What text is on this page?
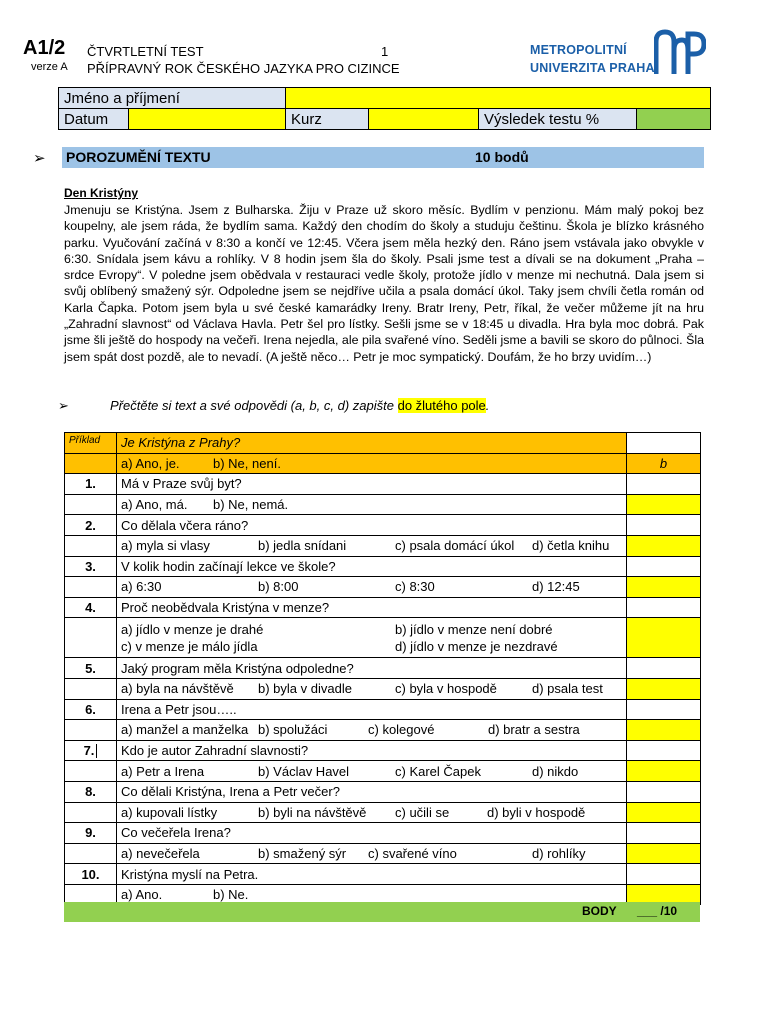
A1/2
verze A
ČTVRTLETNÍ TEST
PŘÍPRAVNÝ ROK ČESKÉHO JAZYKA PRO CIZINCE
1	METROPOLITNÍ
UNIVERZITA PRAHA
Jméno a příjmení					
Datum		Kurz		Výsledek testu %	
➢ POROZUMĚNÍ TEXTU	10 bodů
Den Kristýny
Jmenuju se Kristýna. Jsem z Bulharska. Žiju v Praze už skoro měsíc. Bydlím v penzionu. Mám malý pokoj bez koupelny, ale jsem ráda, že bydlím sama. Každý den chodím do školy a studuju češtinu. Škola je blízko krásného parku. Vyučování začíná v 8:30 a končí ve 12:45. Včera jsem měla hezký den. Ráno jsem vstávala jako obvykle v 6:30. Snídala jsem kávu a rohlíky. V 8 hodin jsem šla do školy. Psali jsme test a dívali se na dokument „Praha – srdce Evropy“. V poledne jsem obědvala v restauraci vedle školy, protože jídlo v menze mi nechutná. Dala jsem si svůj oblíbený smažený sýr. Odpoledne jsem se nejdříve učila a psala domácí úkol. Taky jsem chvíli četla román od Karla Čapka. Potom jsem byla u své české kamarádky Ireny. Bratr Ireny, Petr, říkal, že večer můžeme jít na hru „Zahradní slavnost“ od Václava Havla. Petr šel pro lístky. Sešli jsme se v 18:45 u divadla. Hra byla moc dobrá. Pak jsme šli ještě do hospody na večeři. Irena nejedla, ale pila svařené víno. Seděli jsme a bavili se skoro do půlnoci. Šla jsem spát dost pozdě, ale to nevadí. (A ještě něco… Petr je moc sympatický. Doufám, že ho brzy uvidím…)
➢	Přečtěte si text a své odpovědi (a, b, c, d) zapište do žlutého pole.
Příklad	Je Kristýna z Prahy?	

	a) Ano, je. b) Ne, není.	b
1.	Má v Praze svůj byt?	

	a) Ano, má. b) Ne, nemá.	

2.	Co dělala včera ráno?	

	a) myla si vlasy b) jedla snídani c) psala domácí úkol d) četla knihu	

3.	V kolik hodin začínají lekce ve škole?	

	a) 6:30 b) 8:00 c) 8:30 d) 12:45	

4.	Proč neobědvala Kristýna v menze?	

	a) jídlo v menze je drahé b) jídlo v menze není dobré
c) v menze je málo jídla d) jídlo v menze je nezdravé	

5.	Jaký program měla Kristýna odpoledne?	

	a) byla na návštěvě b) byla v divadle c) byla v hospodě d) psala test	

6.	Irena a Petr jsou…..	

	a) manžel a manželka b) spolužáci c) kolegové d) bratr a sestra	

7.	Kdo je autor Zahradní slavnosti?	

	a) Petr a Irena b) Václav Havel c) Karel Čapek d) nikdo	

8.	Co dělali Kristýna, Irena a Petr večer?	

	a) kupovali lístky b) byli na návštěvě c) učili se d) byli v hospodě	

9.	Co večeřela Irena?	

	a) nevečeřela b) smažený sýr c) svařené víno d) rohlíky	

10.	Kristýna myslí na Petra.	

	a) Ano. b) Ne.	

BODY ___ /10
